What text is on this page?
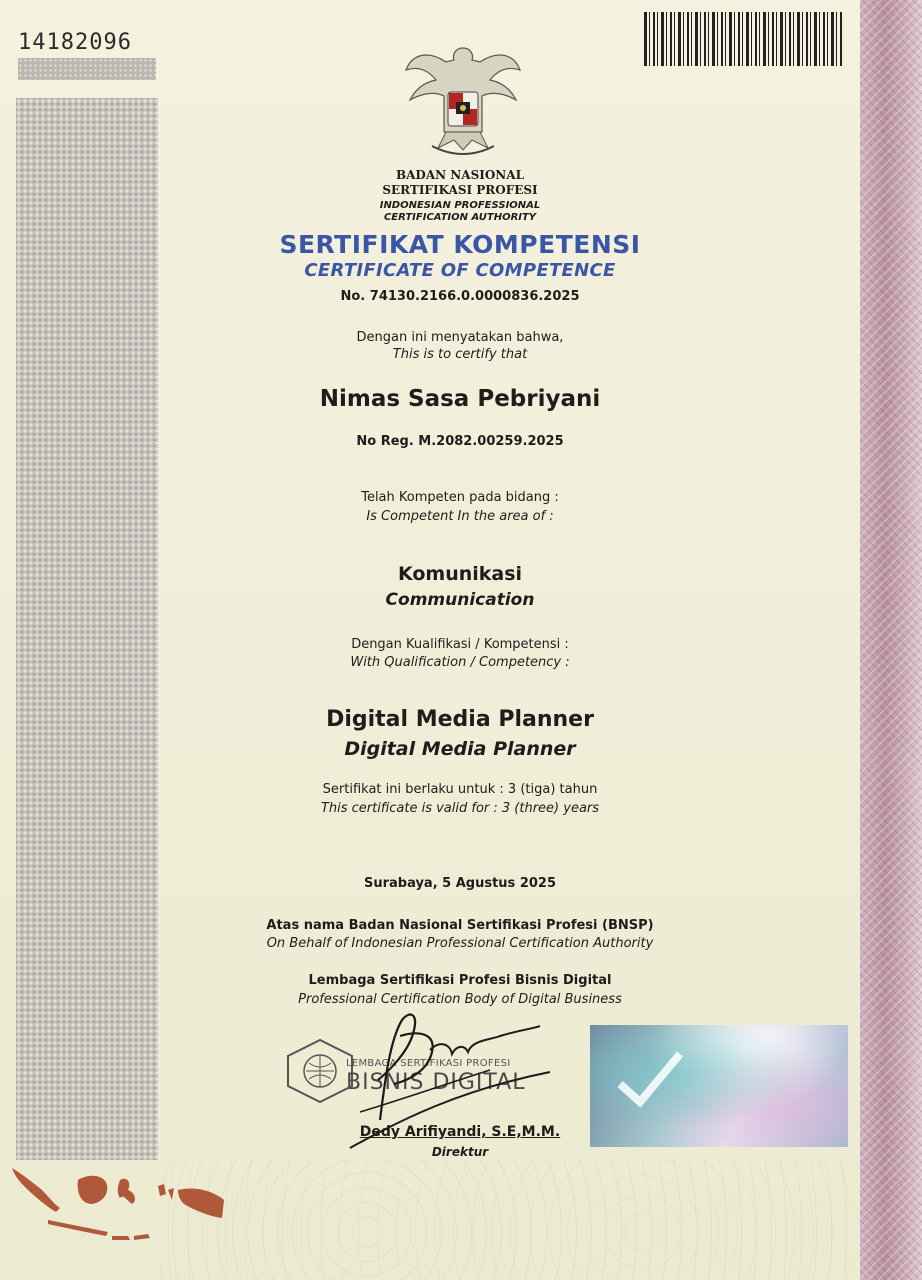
14182096
BADAN NASIONAL
SERTIFIKASI PROFESI
INDONESIAN PROFESSIONAL
CERTIFICATION AUTHORITY
SERTIFIKAT KOMPETENSI
CERTIFICATE OF COMPETENCE
No. 74130.2166.0.0000836.2025
Dengan ini menyatakan bahwa,
This is to certify that
Nimas Sasa Pebriyani
No Reg. M.2082.00259.2025
Telah Kompeten pada bidang :
Is Competent In the area of :
Komunikasi
Communication
Dengan Kualifikasi / Kompetensi :
With Qualification / Competency :
Digital Media Planner
Digital Media Planner
Sertifikat ini berlaku untuk : 3 (tiga) tahun
This certificate is valid for : 3 (three) years
Surabaya, 5 Agustus 2025
Atas nama Badan Nasional Sertifikasi Profesi (BNSP)
On Behalf of Indonesian Professional Certification Authority
Lembaga Sertifikasi Profesi Bisnis Digital
Professional Certification Body of Digital Business
LEMBAGA SERTIFIKASI PROFESI
BISNIS DIGITAL
Dedy Arifiyandi, S.E,M.M.
Direktur
